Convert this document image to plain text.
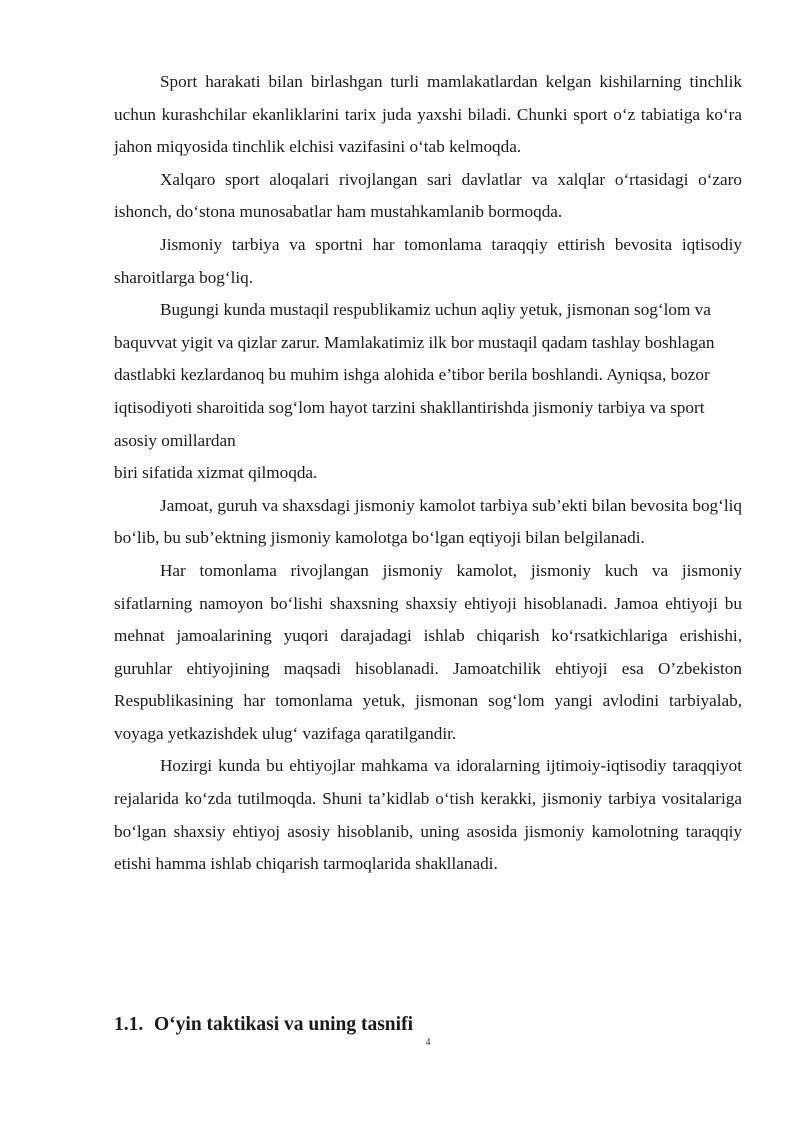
Sport harakati bilan birlashgan turli mamlakatlardan kelgan kishilarning tinchlik uchun kurashchilar ekanliklarini tarix juda yaxshi biladi. Chunki sport o‘z tabiatiga ko‘ra jahon miqyosida tinchlik elchisi vazifasini o‘tab kelmoqda.

Xalqaro sport aloqalari rivojlangan sari davlatlar va xalqlar o‘rtasidagi o‘zaro ishonch, do‘stona munosabatlar ham mustahkamlanib bormoqda.

Jismoniy tarbiya va sportni har tomonlama taraqqiy ettirish bevosita iqtisodiy sharoitlarga bog‘liq.

Bugungi kunda mustaqil respublikamiz uchun aqliy yetuk, jismonan sog‘lom va baquvvat yigit va qizlar zarur. Mamlakatimiz ilk bor mustaqil qadam tashlay boshlagan dastlabki kezlardanoq bu muhim ishga alohida e’tibor berila boshlandi. Ayniqsa, bozor iqtisodiyoti sharoitida sog‘lom hayot tarzini shakllantirishda jismoniy tarbiya va sport asosiy omillardan

biri sifatida xizmat qilmoqda.

Jamoat, guruh va shaxsdagi jismoniy kamolot tarbiya sub’ekti bilan bevosita bog‘liq bo‘lib, bu sub’ektning jismoniy kamolotga bo‘lgan eqtiyoji bilan belgilanadi.

Har tomonlama rivojlangan jismoniy kamolot, jismoniy kuch va jismoniy sifatlarning namoyon bo‘lishi shaxsning shaxsiy ehtiyoji hisoblanadi. Jamoa ehtiyoji bu mehnat jamoalarining yuqori darajadagi ishlab chiqarish ko‘rsatkichlariga erishishi, guruhlar ehtiyojining maqsadi hisoblanadi. Jamoatchilik ehtiyoji esa O’zbekiston Respublikasining har tomonlama yetuk, jismonan sog‘lom yangi avlodini tarbiyalab, voyaga yetkazishdek ulug‘ vazifaga qaratilgandir.

Hozirgi kunda bu ehtiyojlar mahkama va idoralarning ijtimoiy-iqtisodiy taraqqiyot rejalarida ko‘zda tutilmoqda. Shuni ta’kidlab o‘tish kerakki, jismoniy tarbiya vositalariga bo‘lgan shaxsiy ehtiyoj asosiy hisoblanib, uning asosida jismoniy kamolotning taraqqiy etishi hamma ishlab chiqarish tarmoqlarida shakllanadi.

1.1. O‘yin taktikasi va uning tasnifi
4
